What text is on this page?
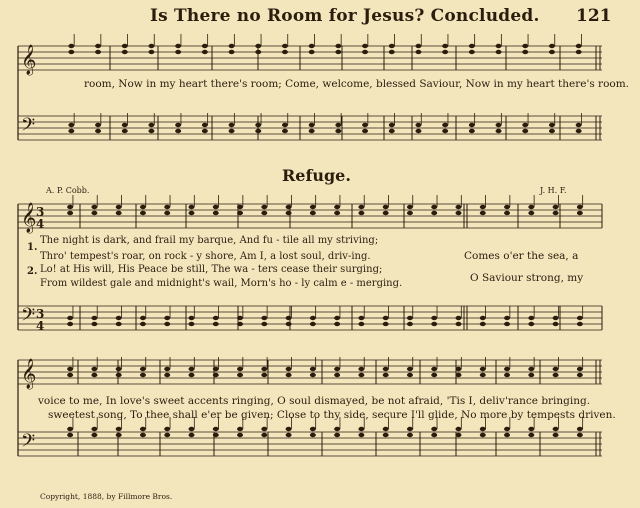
Is There no Room for Jesus? Concluded. 121
𝄞
𝄢
𝄞
𝄢
𝄞
𝄢
3
4
3
4
room, Now in my heart there's room; Come, welcome, blessed Saviour, Now in my heart there's room.
Refuge.
A. P. Cobb.	J. H. F.
1.
2.
The night is dark, and frail my barque, And fu - tile all my striving;
Thro' tempest's roar, on rock - y shore, Am I, a lost soul, driv-ing.
Lo! at His will, His Peace be still, The wa - ters cease their surging;
From wildest gale and midnight's wail, Morn's ho - ly calm e - merging.
Comes o'er the sea, a
O Saviour strong, my
voice to me, In love's sweet accents ringing, O soul dismayed, be not afraid, 'Tis I, deliv'rance bringing.
sweetest song, To thee shall e'er be given; Close to thy side, secure I'll glide, No more by tempests driven.
Copyright, 1888, by Fillmore Bros.
